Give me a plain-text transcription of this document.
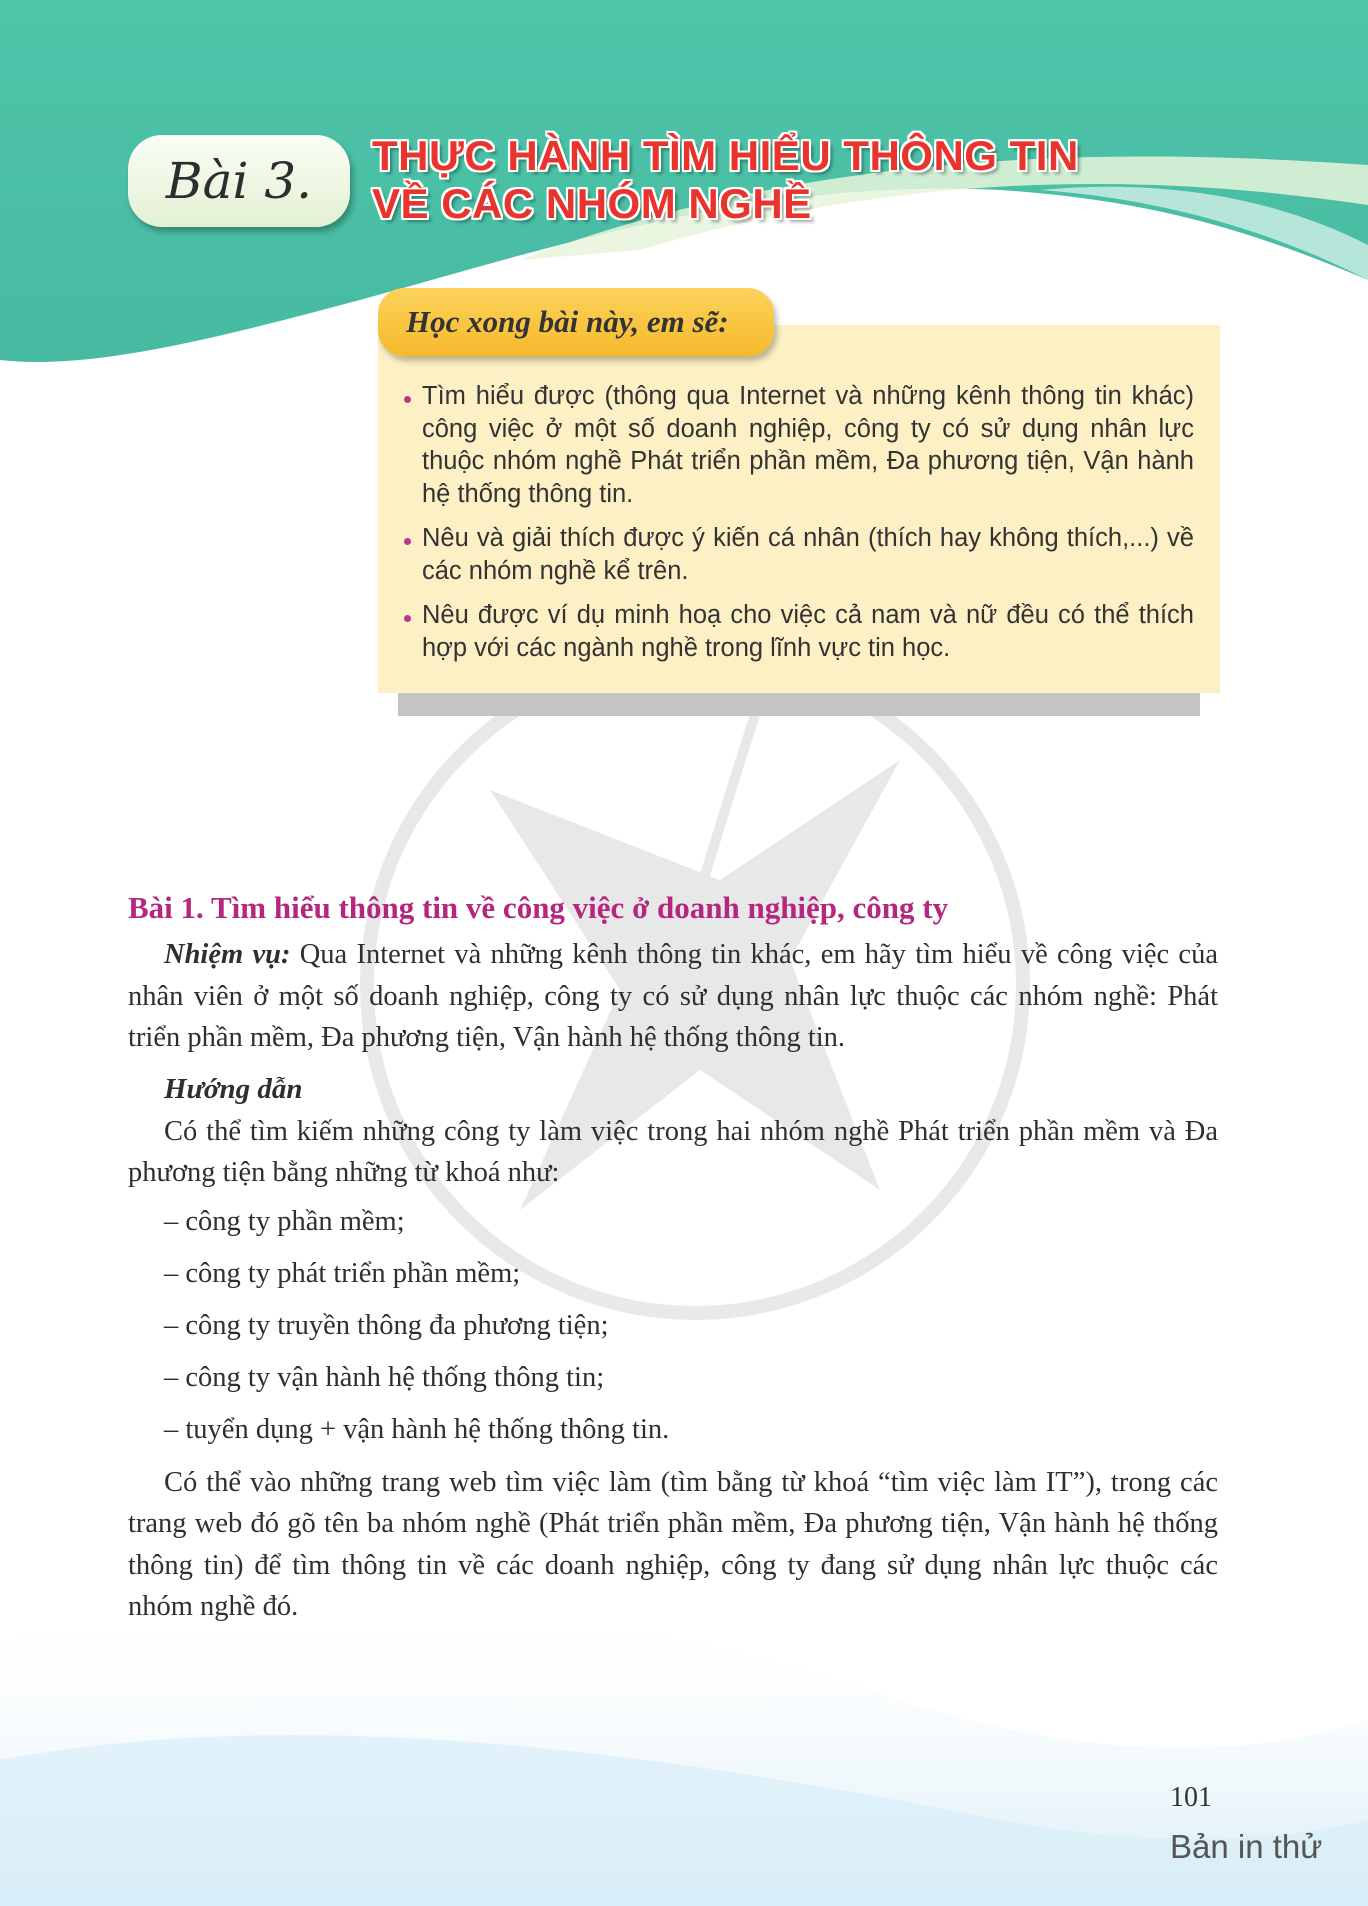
Bài 3. THỰC HÀNH TÌM HIỂU THÔNG TIN
VỀ CÁC NHÓM NGHỀ
Học xong bài này, em sẽ:
Tìm hiểu được (thông qua Internet và những kênh thông tin khác) công việc ở một số doanh nghiệp, công ty có sử dụng nhân lực thuộc nhóm nghề Phát triển phần mềm, Đa phương tiện, Vận hành hệ thống thông tin.
Nêu và giải thích được ý kiến cá nhân (thích hay không thích,...) về các nhóm nghề kể trên.
Nêu được ví dụ minh hoạ cho việc cả nam và nữ đều có thể thích hợp với các ngành nghề trong lĩnh vực tin học.
Bài 1. Tìm hiểu thông tin về công việc ở doanh nghiệp, công ty

Nhiệm vụ: Qua Internet và những kênh thông tin khác, em hãy tìm hiểu về công việc của nhân viên ở một số doanh nghiệp, công ty có sử dụng nhân lực thuộc các nhóm nghề: Phát triển phần mềm, Đa phương tiện, Vận hành hệ thống thông tin.

Hướng dẫn

Có thể tìm kiếm những công ty làm việc trong hai nhóm nghề Phát triển phần mềm và Đa phương tiện bằng những từ khoá như:

– công ty phần mềm;
– công ty phát triển phần mềm;
– công ty truyền thông đa phương tiện;
– công ty vận hành hệ thống thông tin;
– tuyển dụng + vận hành hệ thống thông tin.

Có thể vào những trang web tìm việc làm (tìm bằng từ khoá “tìm việc làm IT”), trong các trang web đó gõ tên ba nhóm nghề (Phát triển phần mềm, Đa phương tiện, Vận hành hệ thống thông tin) để tìm thông tin về các doanh nghiệp, công ty đang sử dụng nhân lực thuộc các nhóm nghề đó.

101
Bản in thử
